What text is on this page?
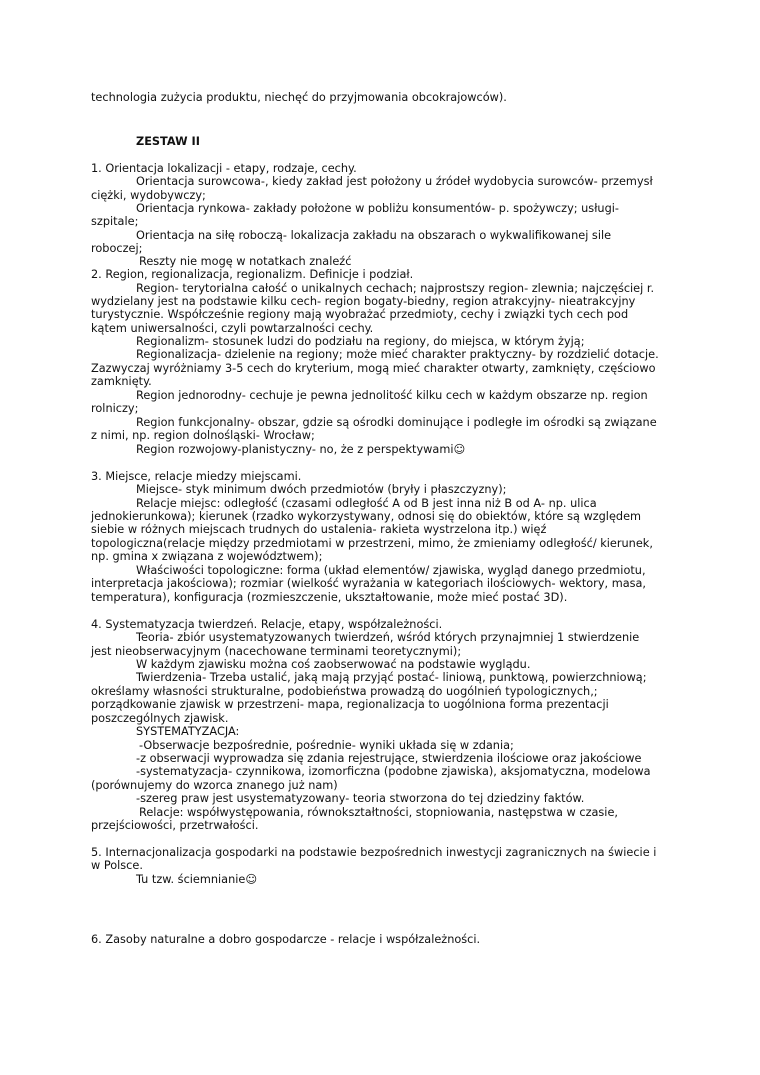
technologia zużycia produktu, niechęć do przyjmowania obcokrajowców).
ZESTAW II
1. Orientacja lokalizacji - etapy, rodzaje, cechy.
Orientacja surowcowa-, kiedy zakład jest położony u źródeł wydobycia surowców- przemysł
ciężki, wydobywczy;
Orientacja rynkowa- zakłady położone w pobliżu konsumentów- p. spożywczy; usługi-
szpitale;
Orientacja na siłę roboczą- lokalizacja zakładu na obszarach o wykwalifikowanej sile
roboczej;
Reszty nie mogę w notatkach znaleźć
2. Region, regionalizacja, regionalizm. Definicje i podział.
Region- terytorialna całość o unikalnych cechach; najprostszy region- zlewnia; najczęściej r.
wydzielany jest na podstawie kilku cech- region bogaty-biedny, region atrakcyjny- nieatrakcyjny
turystycznie. Współcześnie regiony mają wyobrażać przedmioty, cechy i związki tych cech pod
kątem uniwersalności, czyli powtarzalności cechy.
Regionalizm- stosunek ludzi do podziału na regiony, do miejsca, w którym żyją;
Regionalizacja- dzielenie na regiony; może mieć charakter praktyczny- by rozdzielić dotacje.
Zazwyczaj wyróżniamy 3-5 cech do kryterium, mogą mieć charakter otwarty, zamknięty, częściowo
zamknięty.
Region jednorodny- cechuje je pewna jednolitość kilku cech w każdym obszarze np. region
rolniczy;
Region funkcjonalny- obszar, gdzie są ośrodki dominujące i podległe im ośrodki są związane
z nimi, np. region dolnośląski- Wrocław;
Region rozwojowy-planistyczny- no, że z perspektywami☺
3. Miejsce, relacje miedzy miejscami.
Miejsce- styk minimum dwóch przedmiotów (bryły i płaszczyzny);
Relacje miejsc: odległość (czasami odległość A od B jest inna niż B od A- np. ulica
jednokierunkowa); kierunek (rzadko wykorzystywany, odnosi się do obiektów, które są względem
siebie w różnych miejscach trudnych do ustalenia- rakieta wystrzelona itp.) więź
topologiczna(relacje między przedmiotami w przestrzeni, mimo, że zmieniamy odległość/ kierunek,
np. gmina x związana z województwem);
Właściwości topologiczne: forma (układ elementów/ zjawiska, wygląd danego przedmiotu,
interpretacja jakościowa); rozmiar (wielkość wyrażania w kategoriach ilościowych- wektory, masa,
temperatura), konfiguracja (rozmieszczenie, ukształtowanie, może mieć postać 3D).
4. Systematyzacja twierdzeń. Relacje, etapy, współzależności.
Teoria- zbiór usystematyzowanych twierdzeń, wśród których przynajmniej 1 stwierdzenie
jest nieobserwacyjnym (nacechowane terminami teoretycznymi);
W każdym zjawisku można coś zaobserwować na podstawie wyglądu.
Twierdzenia- Trzeba ustalić, jaką mają przyjąć postać- liniową, punktową, powierzchniową;
określamy własności strukturalne, podobieństwa prowadzą do uogólnień typologicznych,;
porządkowanie zjawisk w przestrzeni- mapa, regionalizacja to uogólniona forma prezentacji
poszczególnych zjawisk.
SYSTEMATYZACJA:
-Obserwacje bezpośrednie, pośrednie- wyniki układa się w zdania;
-z obserwacji wyprowadza się zdania rejestrujące, stwierdzenia ilościowe oraz jakościowe
-systematyzacja- czynnikowa, izomorficzna (podobne zjawiska), aksjomatyczna, modelowa
(porównujemy do wzorca znanego już nam)
-szereg praw jest usystematyzowany- teoria stworzona do tej dziedziny faktów.
Relacje: współwystępowania, równokształtności, stopniowania, następstwa w czasie,
przejściowości, przetrwałości.
5. Internacjonalizacja gospodarki na podstawie bezpośrednich inwestycji zagranicznych na świecie i
w Polsce.
Tu tzw. ściemnianie☺
6. Zasoby naturalne a dobro gospodarcze - relacje i współzależności.
